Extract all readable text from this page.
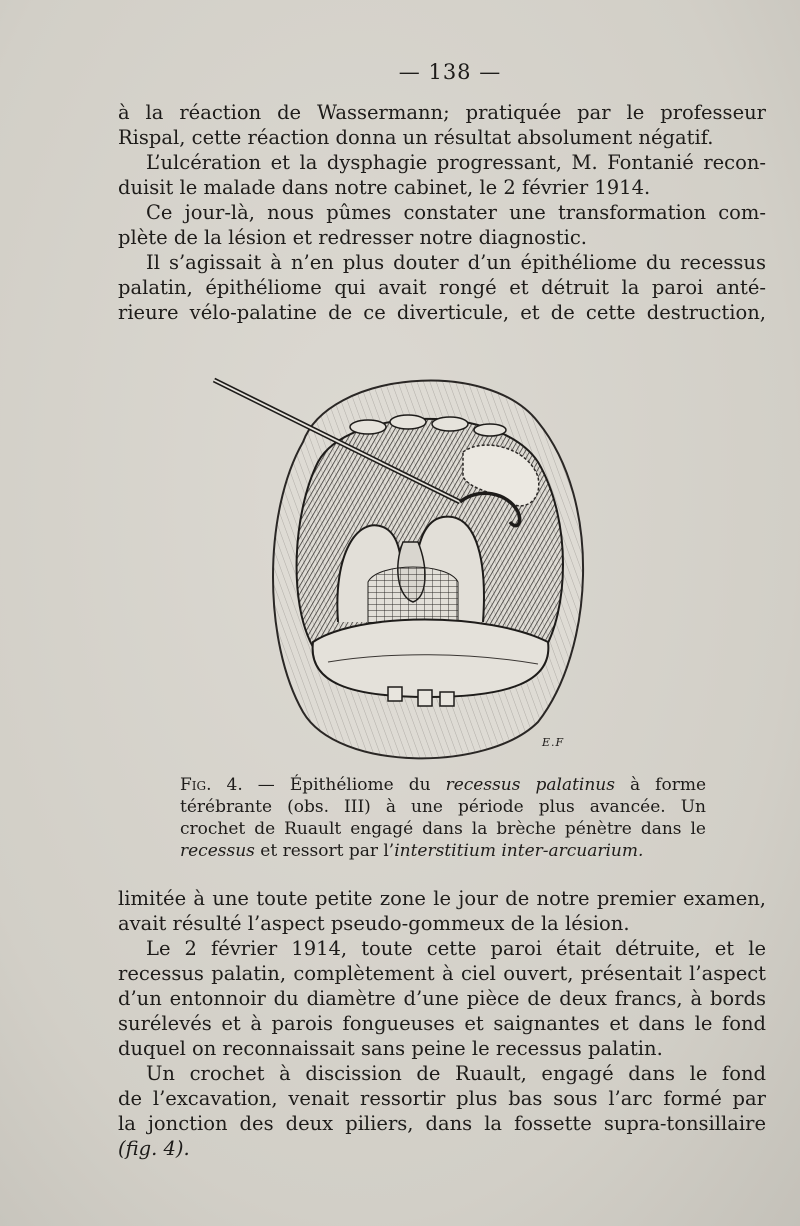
— 138 —

à la réaction de Wassermann; pratiquée par le professeur
Rispal, cette réaction donna un résultat absolument négatif.

L’ulcération et la dysphagie progressant, M. Fontanié recon-
duisit le malade dans notre cabinet, le 2 février 1914.

Ce jour-là, nous pûmes constater une transformation com-
plète de la lésion et redresser notre diagnostic.

Il s’agissait à n’en plus douter d’un épithéliome du recessus
palatin, épithéliome qui avait rongé et détruit la paroi anté-
rieure vélo-palatine de ce diverticule, et de cette destruction,

E.F
Fig. 4. — Épithéliome du recessus palatinus à forme
térébrante (obs. III) à une période plus avancée. Un
crochet de Ruault engagé dans la brèche pénètre dans le
recessus et ressort par l’interstitium inter-arcuarium.

limitée à une toute petite zone le jour de notre premier examen,
avait résulté l’aspect pseudo-gommeux de la lésion.

Le 2 février 1914, toute cette paroi était détruite, et le
recessus palatin, complètement à ciel ouvert, présentait l’aspect
d’un entonnoir du diamètre d’une pièce de deux francs, à bords
surélevés et à parois fongueuses et saignantes et dans le fond
duquel on reconnaissait sans peine le recessus palatin.

Un crochet à discission de Ruault, engagé dans le fond
de l’excavation, venait ressortir plus bas sous l’arc formé par
la jonction des deux piliers, dans la fossette supra-tonsillaire
(fig. 4).
